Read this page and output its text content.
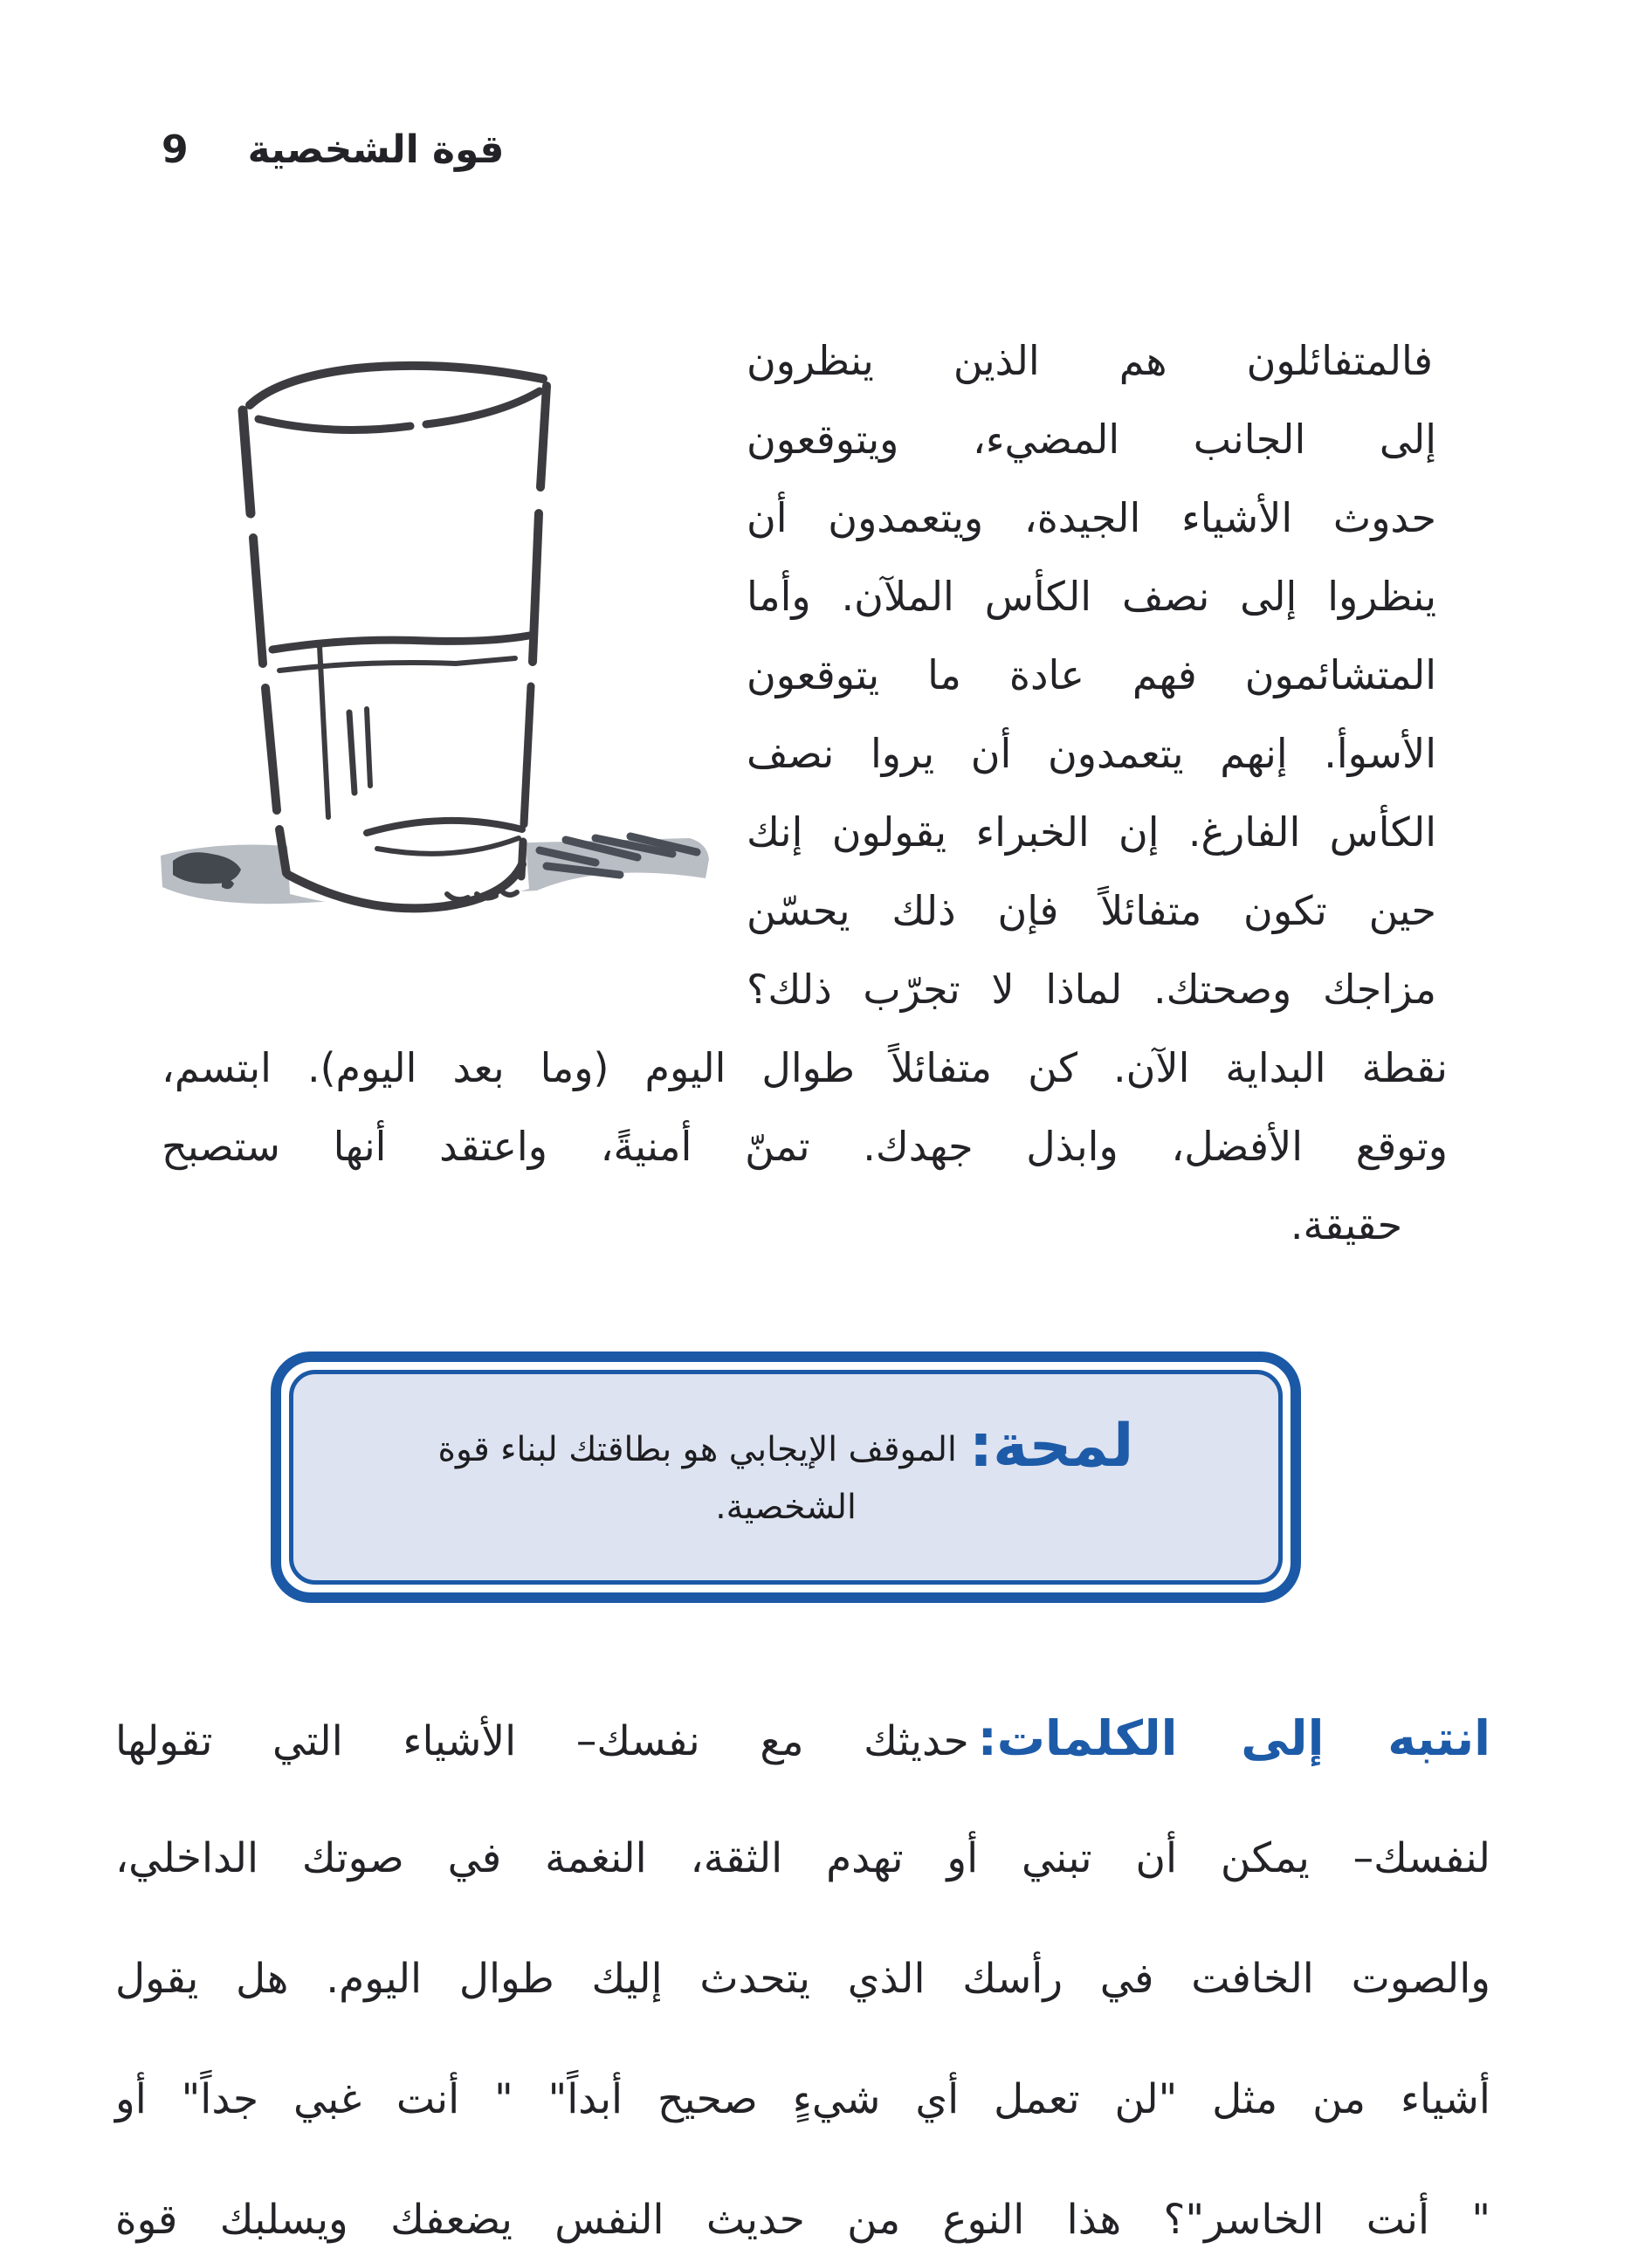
9 قوة الشخصية
فالمتفائلون هم الذين ينظرون
إلى الجانب المضيء، ويتوقعون
حدوث الأشياء الجيدة، ويتعمدون أن
ينظروا إلى نصف الكأس الملآن. وأما
المتشائمون فهم عادة ما يتوقعون
الأسوأ. إنهم يتعمدون أن يروا نصف
الكأس الفارغ. إن الخبراء يقولون إنك
حين تكون متفائلاً فإن ذلك يحسّن
مزاجك وصحتك. لماذا لا تجرّب ذلك؟
نقطة البداية الآن. كن متفائلاً طوال اليوم (وما بعد اليوم). ابتسم،
وتوقع الأفضل، وابذل جهدك. تمنّ أمنيةً، واعتقد أنها ستصبح
حقيقة.
لمحة:الموقف الإيجابي هو بطاقتك لبناء قوة الشخصية.
انتبه إلى الكلمات:حديثك مع نفسك– الأشياء التي تقولها
لنفسك– يمكن أن تبني أو تهدم الثقة، النغمة في صوتك الداخلي،
والصوت الخافت في رأسك الذي يتحدث إليك طوال اليوم. هل يقول
أشياء من مثل "لن تعمل أي شيءٍ صحيح أبداً" " أنت غبي جداً" أو
" أنت الخاسر"؟ هذا النوع من حديث النفس يضعفك ويسلبك قوة
